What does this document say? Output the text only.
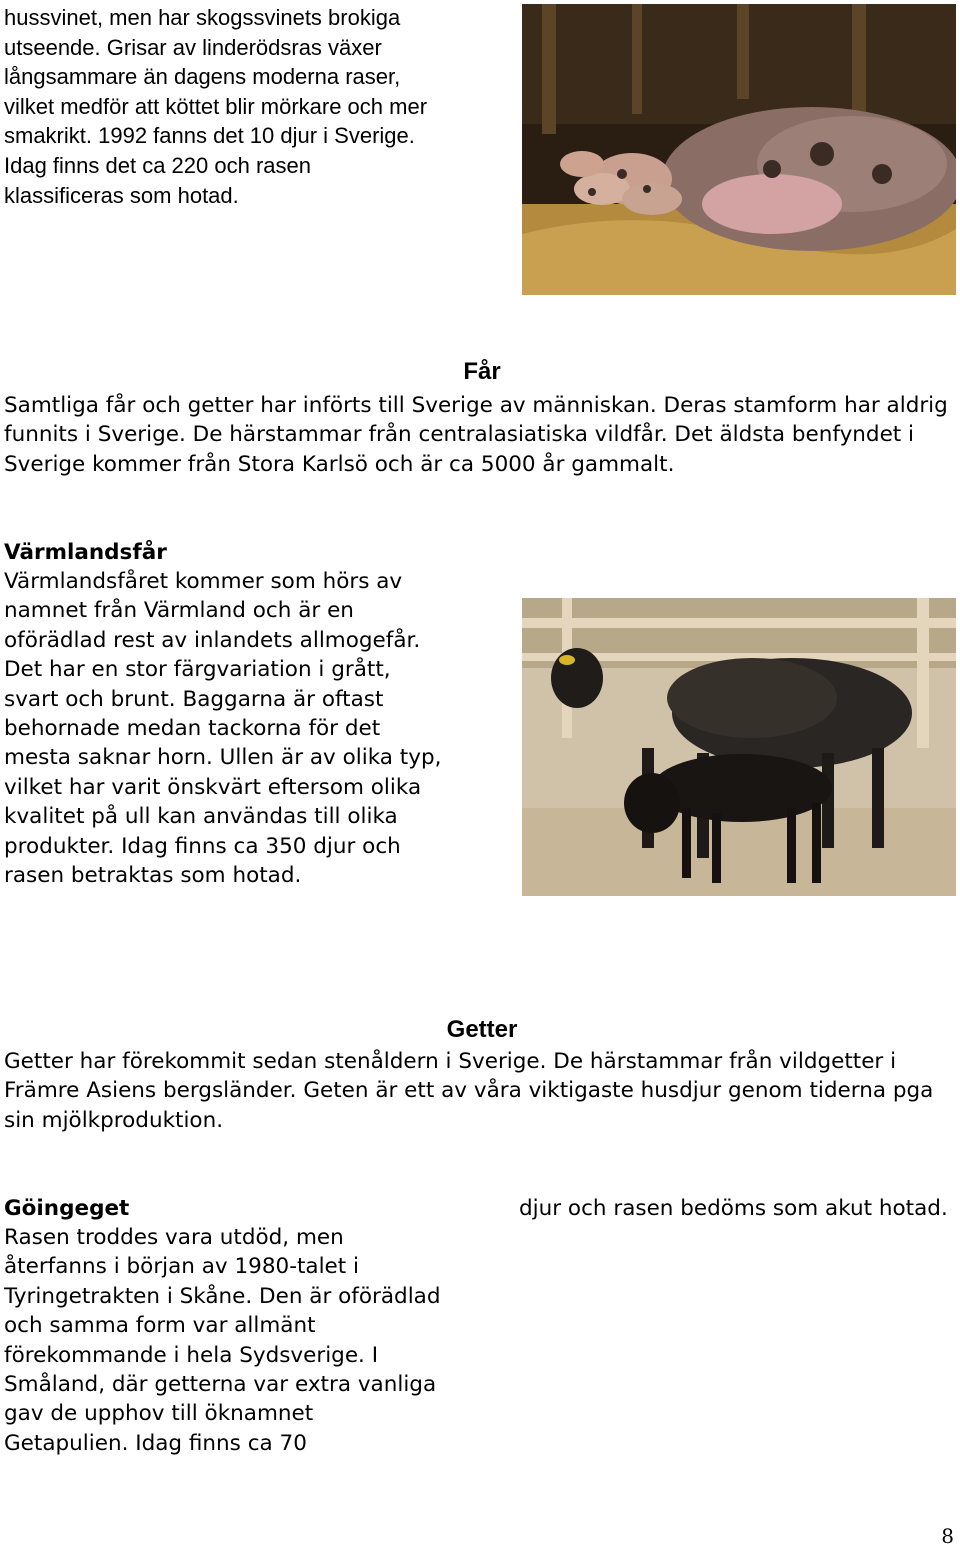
hussvinet, men har skogssvinets brokiga utseende. Grisar av linderödsras växer långsammare än dagens moderna raser, vilket medför att köttet blir mörkare och mer smakrikt. 1992 fanns det 10 djur i Sverige. Idag finns det ca 220 och rasen klassificeras som hotad.

Får

Samtliga får och getter har införts till Sverige av människan. Deras stamform har aldrig funnits i Sverige. De härstammar från centralasiatiska vildfår. Det äldsta benfyndet i Sverige kommer från Stora Karlsö och är ca 5000 år gammalt.

Värmlandsfår

Värmlandsfåret kommer som hörs av namnet från Värmland och är en oförädlad rest av inlandets allmogefår. Det har en stor färgvariation i grått, svart och brunt. Baggarna är oftast behornade medan tackorna för det mesta saknar horn. Ullen är av olika typ, vilket har varit önskvärt eftersom olika kvalitet på ull kan användas till olika produkter. Idag finns ca 350 djur och rasen betraktas som hotad.

Getter

Getter har förekommit sedan stenåldern i Sverige. De härstammar från vildgetter i Främre Asiens bergsländer. Geten är ett av våra viktigaste husdjur genom tiderna pga sin mjölkproduktion.

Göingeget

Rasen troddes vara utdöd, men återfanns i början av 1980-talet i Tyringetrakten i Skåne. Den är oförädlad och samma form var allmänt förekommande i hela Sydsverige. I Småland, där getterna var extra vanliga gav de upphov till öknamnet Getapulien. Idag finns ca 70

djur och rasen bedöms som akut hotad.

8
